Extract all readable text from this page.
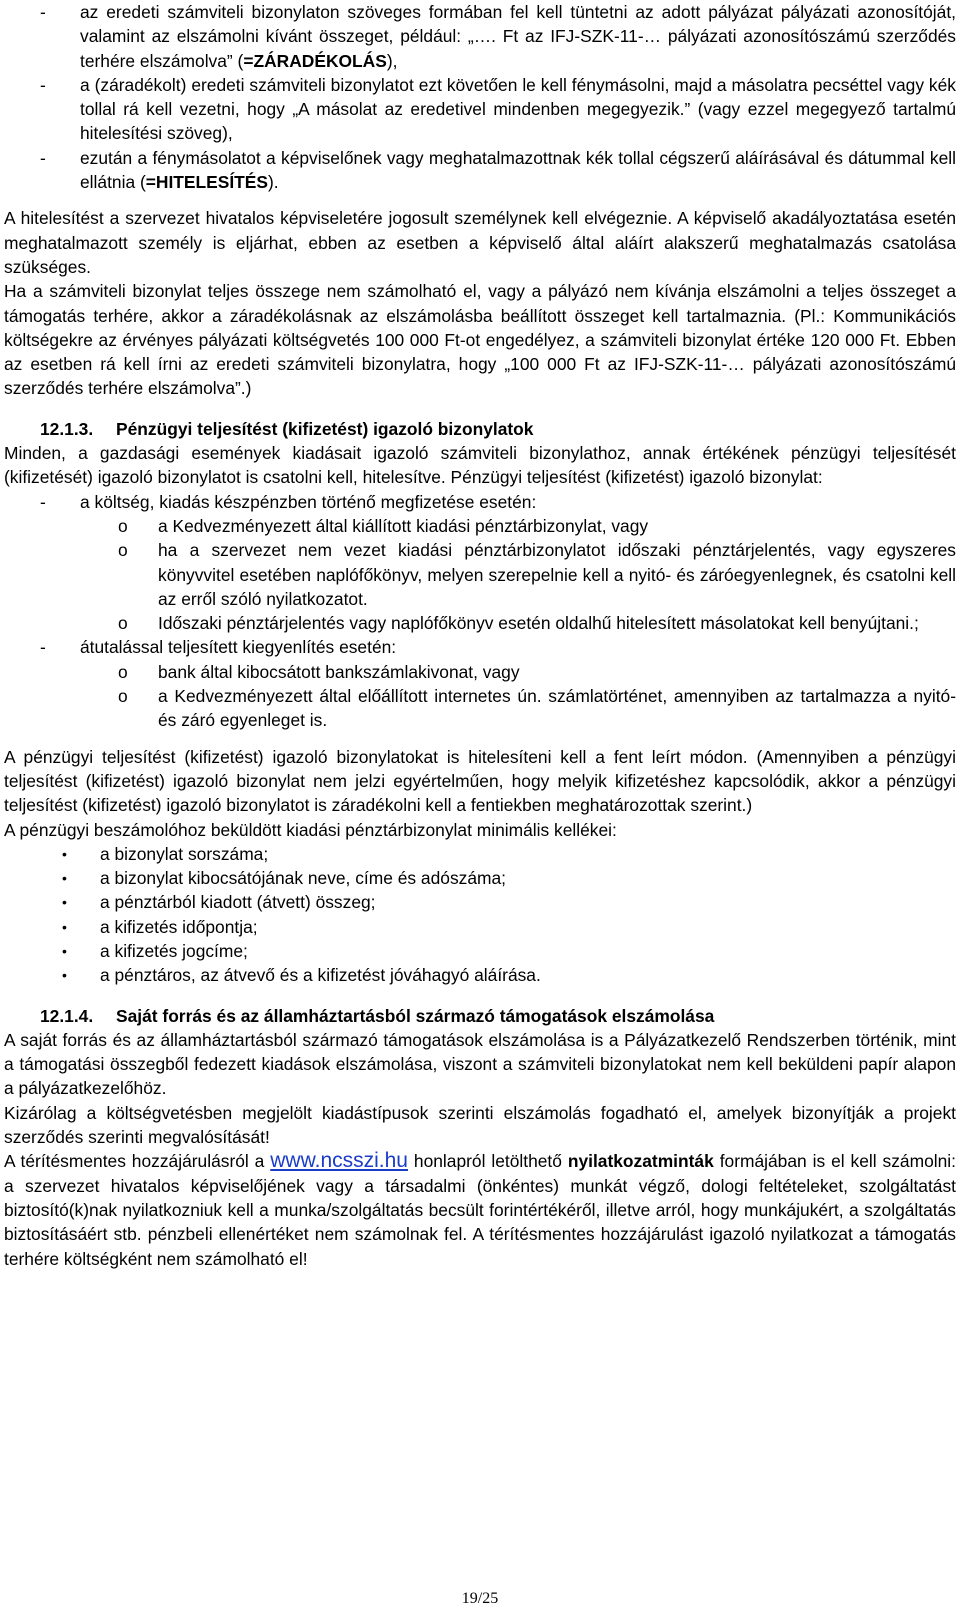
- az eredeti számviteli bizonylaton szöveges formában fel kell tüntetni az adott pályázat pályázati azonosítóját, valamint az elszámolni kívánt összeget, például: „…. Ft az IFJ-SZK-11-… pályázati azonosítószámú szerződés terhére elszámolva” (=ZÁRADÉKOLÁS),
- a (záradékolt) eredeti számviteli bizonylatot ezt követően le kell fénymásolni, majd a másolatra pecséttel vagy kék tollal rá kell vezetni, hogy „A másolat az eredetivel mindenben megegyezik.” (vagy ezzel megegyező tartalmú hitelesítési szöveg),
- ezután a fénymásolatot a képviselőnek vagy meghatalmazottnak kék tollal cégszerű aláírásával és dátummal kell ellátnia (=HITELESÍTÉS).

A hitelesítést a szervezet hivatalos képviseletére jogosult személynek kell elvégeznie. A képviselő akadályoztatása esetén meghatalmazott személy is eljárhat, ebben az esetben a képviselő által aláírt alakszerű meghatalmazás csatolása szükséges.

Ha a számviteli bizonylat teljes összege nem számolható el, vagy a pályázó nem kívánja elszámolni a teljes összeget a támogatás terhére, akkor a záradékolásnak az elszámolásba beállított összeget kell tartalmaznia. (Pl.: Kommunikációs költségekre az érvényes pályázati költségvetés 100 000 Ft-ot engedélyez, a számviteli bizonylat értéke 120 000 Ft. Ebben az esetben rá kell írni az eredeti számviteli bizonylatra, hogy „100 000 Ft az IFJ-SZK-11-… pályázati azonosítószámú szerződés terhére elszámolva”.)

12.1.3. Pénzügyi teljesítést (kifizetést) igazoló bizonylatok

Minden, a gazdasági események kiadásait igazoló számviteli bizonylathoz, annak értékének pénzügyi teljesítését (kifizetését) igazoló bizonylatot is csatolni kell, hitelesítve. Pénzügyi teljesítést (kifizetést) igazoló bizonylat:

- a költség, kiadás készpénzben történő megfizetése esetén:
o a Kedvezményezett által kiállított kiadási pénztárbizonylat, vagy
o ha a szervezet nem vezet kiadási pénztárbizonylatot időszaki pénztárjelentés, vagy egyszeres könyvvitel esetében naplófőkönyv, melyen szerepelnie kell a nyitó- és záróegyenlegnek, és csatolni kell az erről szóló nyilatkozatot.
o Időszaki pénztárjelentés vagy naplófőkönyv esetén oldalhű hitelesített másolatokat kell benyújtani.;
- átutalással teljesített kiegyenlítés esetén:
o bank által kibocsátott bankszámlakivonat, vagy
o a Kedvezményezett által előállított internetes ún. számlatörténet, amennyiben az tartalmazza a nyitó- és záró egyenleget is.

A pénzügyi teljesítést (kifizetést) igazoló bizonylatokat is hitelesíteni kell a fent leírt módon. (Amennyiben a pénzügyi teljesítést (kifizetést) igazoló bizonylat nem jelzi egyértelműen, hogy melyik kifizetéshez kapcsolódik, akkor a pénzügyi teljesítést (kifizetést) igazoló bizonylatot is záradékolni kell a fentiekben meghatározottak szerint.)

A pénzügyi beszámolóhoz beküldött kiadási pénztárbizonylat minimális kellékei:

• a bizonylat sorszáma;
• a bizonylat kibocsátójának neve, címe és adószáma;
• a pénztárból kiadott (átvett) összeg;
• a kifizetés időpontja;
• a kifizetés jogcíme;
• a pénztáros, az átvevő és a kifizetést jóváhagyó aláírása.
12.1.4. Saját forrás és az államháztartásból származó támogatások elszámolása

A saját forrás és az államháztartásból származó támogatások elszámolása is a Pályázatkezelő Rendszerben történik, mint a támogatási összegből fedezett kiadások elszámolása, viszont a számviteli bizonylatokat nem kell beküldeni papír alapon a pályázatkezelőhöz.

Kizárólag a költségvetésben megjelölt kiadástípusok szerinti elszámolás fogadható el, amelyek bizonyítják a projekt szerződés szerinti megvalósítását!

A térítésmentes hozzájárulásról a www.ncsszi.hu honlapról letölthető nyilatkozatminták formájában is el kell számolni: a szervezet hivatalos képviselőjének vagy a társadalmi (önkéntes) munkát végző, dologi feltételeket, szolgáltatást biztosító(k)nak nyilatkozniuk kell a munka/szolgáltatás becsült forintértékéről, illetve arról, hogy munkájukért, a szolgáltatás biztosításáért stb. pénzbeli ellenértéket nem számolnak fel. A térítésmentes hozzájárulást igazoló nyilatkozat a támogatás terhére költségként nem számolható el!

19/25
